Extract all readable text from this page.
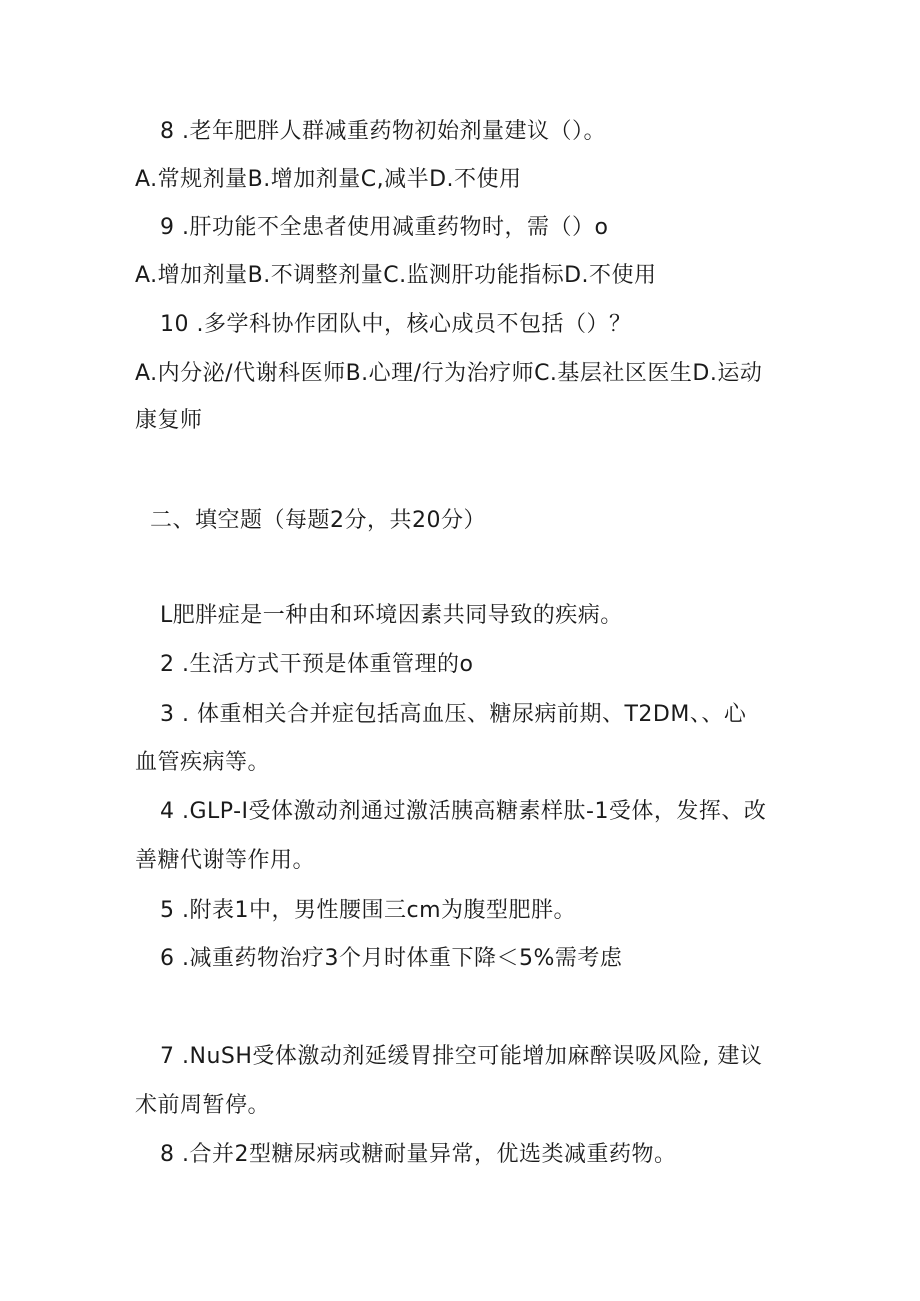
8 .老年肥胖人群减重药物初始剂量建议（）。
A.常规剂量B.增加剂量C,减半D.不使用
9 .肝功能不全患者使用减重药物时，需（）o
A.增加剂量B.不调整剂量C.监测肝功能指标D.不使用
10 .多学科协作团队中，核心成员不包括（）？
A.内分泌/代谢科医师B.心理/行为治疗师C.基层社区医生D.运动
康复师
二、填空题（每题2分，共20分）
L肥胖症是一种由和环境因素共同导致的疾病。
2 .生活方式干预是体重管理的o
3 . 体重相关合并症包括高血压、糖尿病前期、T2DM、、心
血管疾病等。
4 .GLP-I受体激动剂通过激活胰高糖素样肽-1受体，发挥、改
善糖代谢等作用。
5 .附表1中，男性腰围三cm为腹型肥胖。
6 .减重药物治疗3个月时体重下降＜5%需考虑
7 .NuSH受体激动剂延缓胃排空可能增加麻醉误吸风险, 建议
术前周暂停。
8 .合并2型糖尿病或糖耐量异常，优选类减重药物。
